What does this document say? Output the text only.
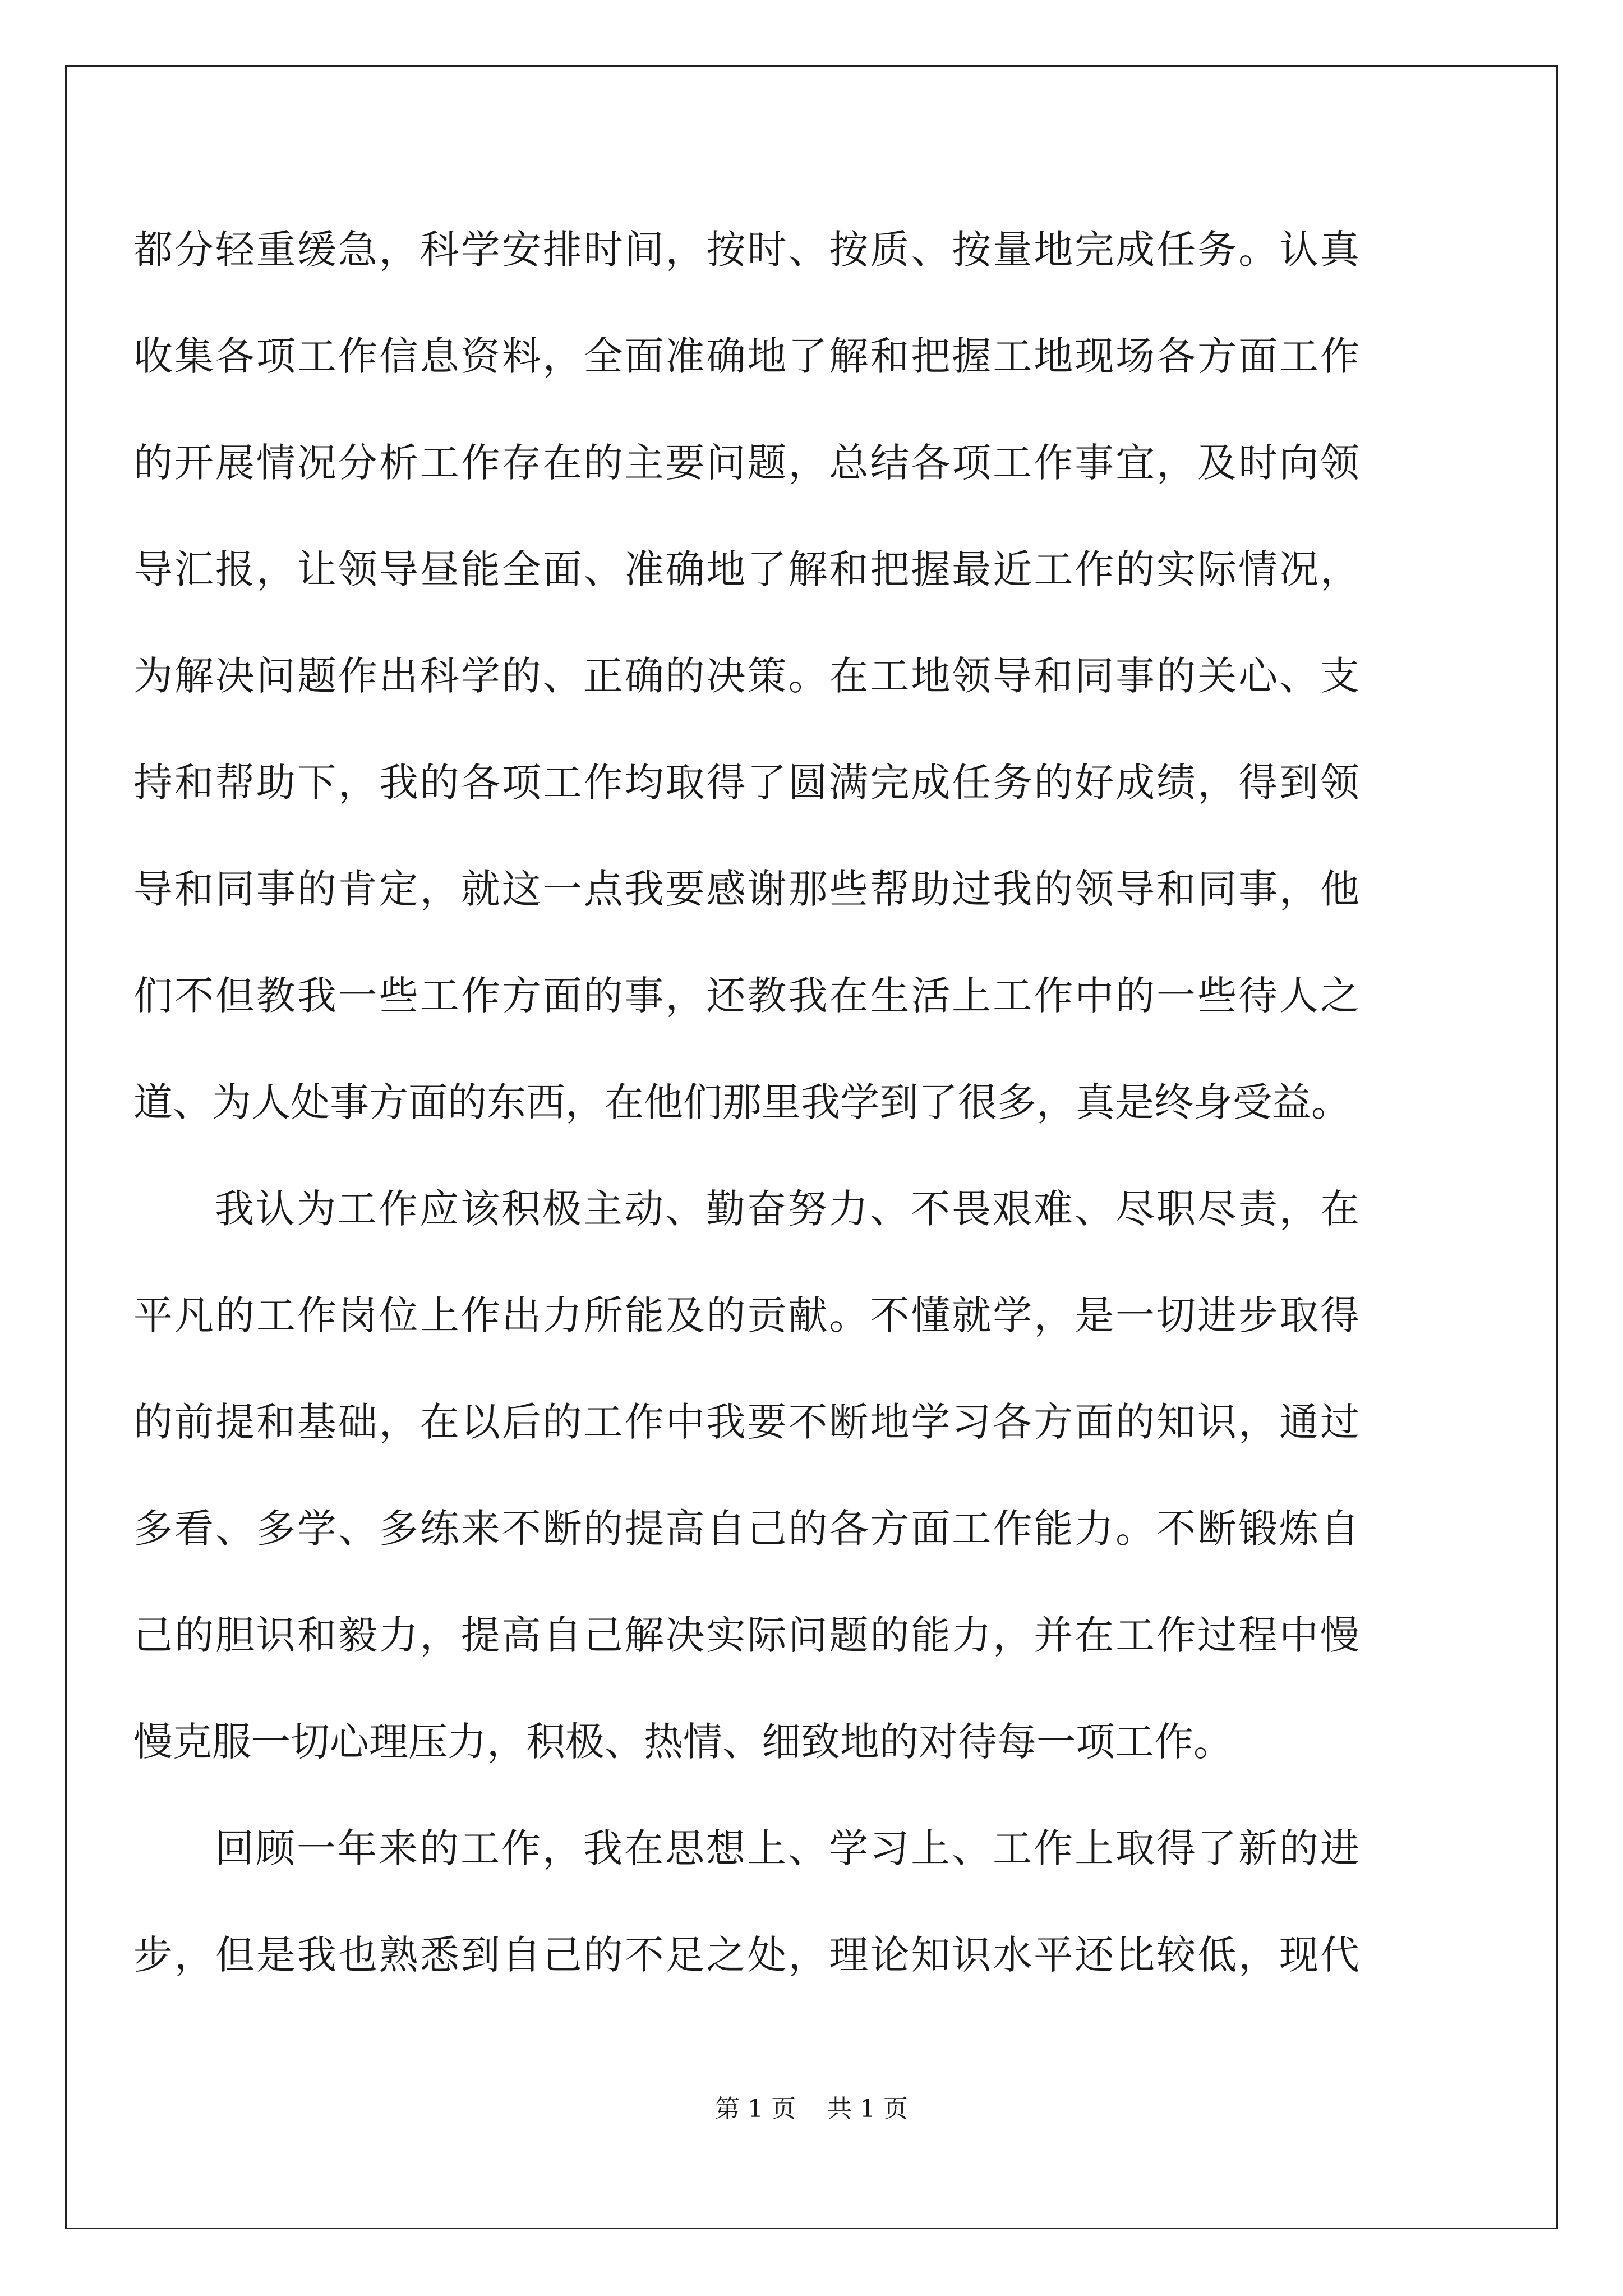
都分轻重缓急，科学安排时间，按时、按质、按量地完成任务。认真
收集各项工作信息资料，全面准确地了解和把握工地现场各方面工作
的开展情况分析工作存在的主要问题，总结各项工作事宜，及时向领
导汇报，让领导昼能全面、准确地了解和把握最近工作的实际情况，
为解决问题作出科学的、正确的决策。在工地领导和同事的关心、支
持和帮助下，我的各项工作均取得了圆满完成任务的好成绩，得到领
导和同事的肯定，就这一点我要感谢那些帮助过我的领导和同事，他
们不但教我一些工作方面的事，还教我在生活上工作中的一些待人之
道、为人处事方面的东西，在他们那里我学到了很多，真是终身受益。
我认为工作应该积极主动、勤奋努力、不畏艰难、尽职尽责，在
平凡的工作岗位上作出力所能及的贡献。不懂就学，是一切进步取得
的前提和基础，在以后的工作中我要不断地学习各方面的知识，通过
多看、多学、多练来不断的提高自己的各方面工作能力。不断锻炼自
己的胆识和毅力，提高自己解决实际问题的能力，并在工作过程中慢
慢克服一切心理压力，积极、热情、细致地的对待每一项工作。
回顾一年来的工作，我在思想上、学习上、工作上取得了新的进
步，但是我也熟悉到自己的不足之处，理论知识水平还比较低，现代
第 1 页    共 1 页
